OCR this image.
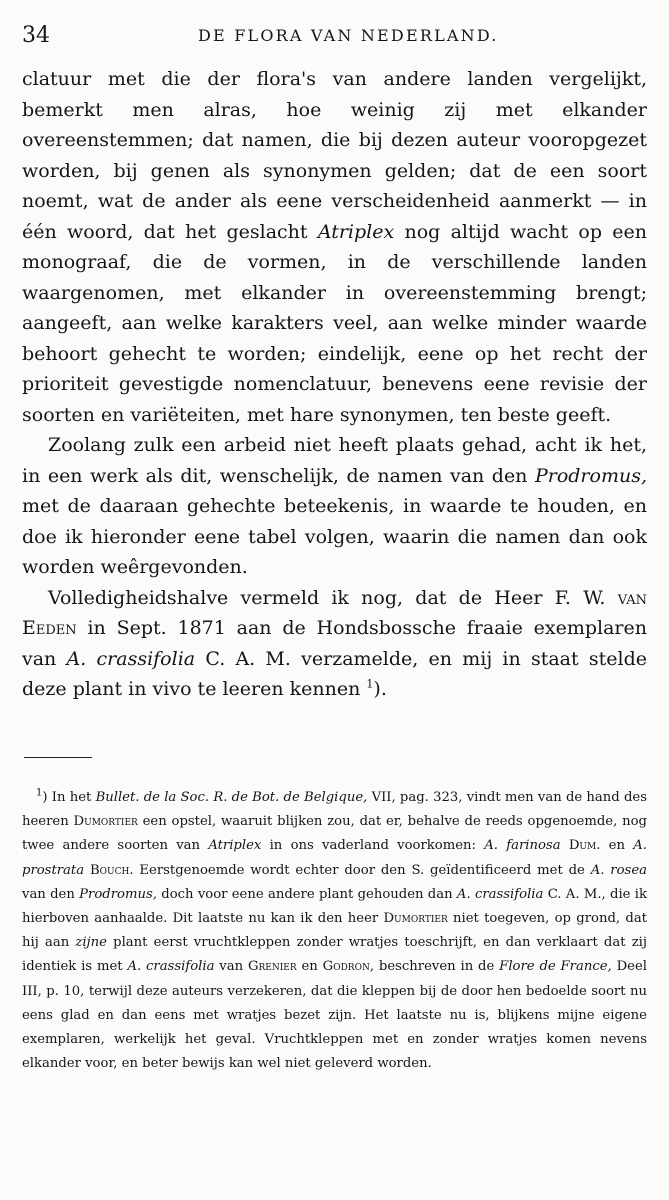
34	DE FLORA VAN NEDERLAND.

clatuur met die der flora's van andere landen vergelijkt, bemerkt men alras, hoe weinig zij met elkander overeenstemmen; dat namen, die bij dezen auteur vooropgezet worden, bij genen als synonymen gelden; dat de een soort noemt, wat de ander als eene verscheidenheid aanmerkt — in één woord, dat het geslacht Atriplex nog altijd wacht op een monograaf, die de vormen, in de verschillende landen waargenomen, met elkander in overeenstemming brengt; aangeeft, aan welke karakters veel, aan welke minder waarde behoort gehecht te worden; eindelijk, eene op het recht der prioriteit gevestigde nomenclatuur, benevens eene revisie der soorten en variëteiten, met hare synonymen, ten beste geeft.

Zoolang zulk een arbeid niet heeft plaats gehad, acht ik het, in een werk als dit, wenschelijk, de namen van den Prodromus, met de daaraan gehechte beteekenis, in waarde te houden, en doe ik hieronder eene tabel volgen, waarin die namen dan ook worden weêrgevonden.

Volledigheidshalve vermeld ik nog, dat de Heer F. W. van Eeden in Sept. 1871 aan de Hondsbossche fraaie exemplaren van A. crassifolia C. A. M. verzamelde, en mij in staat stelde deze plant in vivo te leeren kennen $^1$).

$^1$) In het Bullet. de la Soc. R. de Bot. de Belgique, VII, pag. 323, vindt men van de hand des heeren Dumortier een opstel, waaruit blijken zou, dat er, behalve de reeds opgenoemde, nog twee andere soorten van Atriplex in ons vaderland voorkomen: A. farinosa Dum. en A. prostrata Bouch. Eerstgenoemde wordt echter door den S. geïdentificeerd met de A. rosea van den Prodromus, doch voor eene andere plant gehouden dan A. crassifolia C. A. M., die ik hierboven aanhaalde. Dit laatste nu kan ik den heer Dumortier niet toegeven, op grond, dat hij aan zijne plant eerst vruchtkleppen zonder wratjes toeschrijft, en dan verklaart dat zij identiek is met A. crassifolia van Grenier en Godron, beschreven in de Flore de France, Deel III, p. 10, terwijl deze auteurs verzekeren, dat die kleppen bij de door hen bedoelde soort nu eens glad en dan eens met wratjes bezet zijn. Het laatste nu is, blijkens mijne eigene exemplaren, werkelijk het geval. Vruchtkleppen met en zonder wratjes komen nevens elkander voor, en beter bewijs kan wel niet geleverd worden.
